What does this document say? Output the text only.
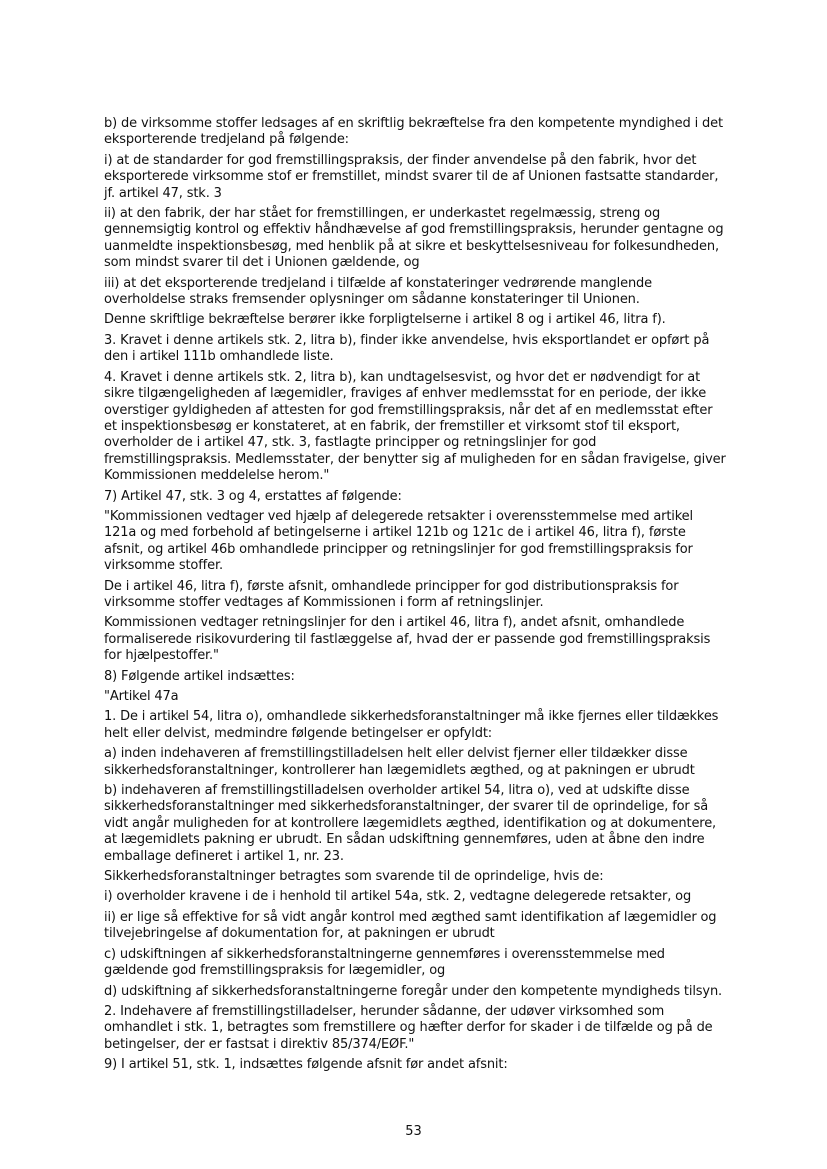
b) de virksomme stoffer ledsages af en skriftlig bekræftelse fra den kompetente myndighed i det eksporterende tredjeland på følgende:

i) at de standarder for god fremstillingspraksis, der finder anvendelse på den fabrik, hvor det eksporterede virksomme stof er fremstillet, mindst svarer til de af Unionen fastsatte standarder, jf. artikel 47, stk. 3

ii) at den fabrik, der har stået for fremstillingen, er underkastet regelmæssig, streng og gennemsigtig kontrol og effektiv håndhævelse af god fremstillingspraksis, herunder gentagne og uanmeldte inspektionsbesøg, med henblik på at sikre et beskyttelsesniveau for folkesundheden, som mindst svarer til det i Unionen gældende, og

iii) at det eksporterende tredjeland i tilfælde af konstateringer vedrørende manglende overholdelse straks fremsender oplysninger om sådanne konstateringer til Unionen.

Denne skriftlige bekræftelse berører ikke forpligtelserne i artikel 8 og i artikel 46, litra f).

3. Kravet i denne artikels stk. 2, litra b), finder ikke anvendelse, hvis eksportlandet er opført på den i artikel 111b omhandlede liste.

4. Kravet i denne artikels stk. 2, litra b), kan undtagelsesvist, og hvor det er nødvendigt for at sikre tilgængeligheden af lægemidler, fraviges af enhver medlemsstat for en periode, der ikke overstiger gyldigheden af attesten for god fremstillingspraksis, når det af en medlemsstat efter et inspektionsbesøg er konstateret, at en fabrik, der fremstiller et virksomt stof til eksport, overholder de i artikel 47, stk. 3, fastlagte principper og retningslinjer for god fremstillingspraksis. Medlemsstater, der benytter sig af muligheden for en sådan fravigelse, giver Kommissionen meddelelse herom."

7) Artikel 47, stk. 3 og 4, erstattes af følgende:

"Kommissionen vedtager ved hjælp af delegerede retsakter i overensstemmelse med artikel 121a og med forbehold af betingelserne i artikel 121b og 121c de i artikel 46, litra f), første afsnit, og artikel 46b omhandlede principper og retningslinjer for god fremstillingspraksis for virksomme stoffer.

De i artikel 46, litra f), første afsnit, omhandlede principper for god distributionspraksis for virksomme stoffer vedtages af Kommissionen i form af retningslinjer.

Kommissionen vedtager retningslinjer for den i artikel 46, litra f), andet afsnit, omhandlede formaliserede risikovurdering til fastlæggelse af, hvad der er passende god fremstillingspraksis for hjælpestoffer."

8) Følgende artikel indsættes:

"Artikel 47a

1. De i artikel 54, litra o), omhandlede sikkerhedsforanstaltninger må ikke fjernes eller tildækkes helt eller delvist, medmindre følgende betingelser er opfyldt:

a) inden indehaveren af fremstillingstilladelsen helt eller delvist fjerner eller tildækker disse sikkerhedsforanstaltninger, kontrollerer han lægemidlets ægthed, og at pakningen er ubrudt

b) indehaveren af fremstillingstilladelsen overholder artikel 54, litra o), ved at udskifte disse sikkerhedsforanstaltninger med sikkerhedsforanstaltninger, der svarer til de oprindelige, for så vidt angår muligheden for at kontrollere lægemidlets ægthed, identifikation og at dokumentere, at lægemidlets pakning er ubrudt. En sådan udskiftning gennemføres, uden at åbne den indre emballage defineret i artikel 1, nr. 23.

Sikkerhedsforanstaltninger betragtes som svarende til de oprindelige, hvis de:

i) overholder kravene i de i henhold til artikel 54a, stk. 2, vedtagne delegerede retsakter, og

ii) er lige så effektive for så vidt angår kontrol med ægthed samt identifikation af lægemidler og tilvejebringelse af dokumentation for, at pakningen er ubrudt

c) udskiftningen af sikkerhedsforanstaltningerne gennemføres i overensstemmelse med gældende god fremstillingspraksis for lægemidler, og

d) udskiftning af sikkerhedsforanstaltningerne foregår under den kompetente myndigheds tilsyn.

2. Indehavere af fremstillingstilladelser, herunder sådanne, der udøver virksomhed som omhandlet i stk. 1, betragtes som fremstillere og hæfter derfor for skader i de tilfælde og på de betingelser, der er fastsat i direktiv 85/374/EØF."

9) I artikel 51, stk. 1, indsættes følgende afsnit før andet afsnit:

53
